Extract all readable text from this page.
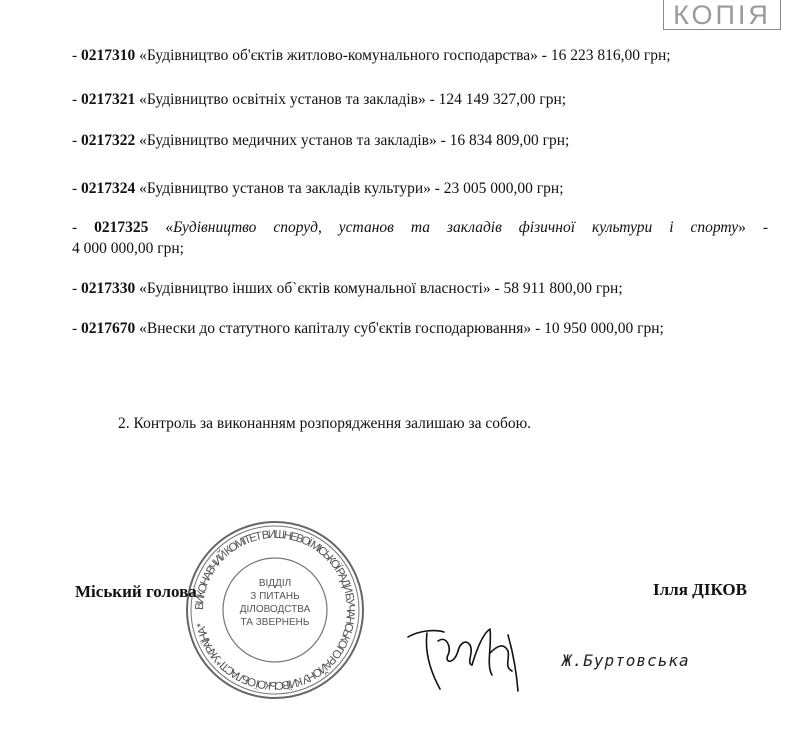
КОПІЯ
- 0217310 «Будівництво об'єктів житлово-комунального господарства» - 16 223 816,00 грн;
- 0217321 «Будівництво освітніх установ та закладів» - 124 149 327,00 грн;
- 0217322 «Будівництво медичних установ та закладів» - 16 834 809,00 грн;
- 0217324 «Будівництво установ та закладів культури» - 23 005 000,00 грн;
- 0217325 «Будівництво споруд, установ та закладів фізичної культури і спорту» -
4 000 000,00 грн;
- 0217330 «Будівництво інших об`єктів комунальної власності» - 58 911 800,00 грн;
- 0217670 «Внески до статутного капіталу суб'єктів господарювання» - 10 950 000,00 грн;
2. Контроль за виконанням розпорядження залишаю за собою.
ВИКОНАВЧИЙ КОМІТЕТ ВИШНЕВОЇ МІСЬКОЇ РАДИ БУЧАНСЬКОГО РАЙОНУ КИЇВСЬКОЇ ОБЛАСТІ * УКРАЇНА *
ВІДДІЛ
З ПИТАНЬ
ДІЛОВОДСТВА
ТА ЗВЕРНЕНЬ
Міський голова	Ілля ДІКОВ
Ж.Буртовська
